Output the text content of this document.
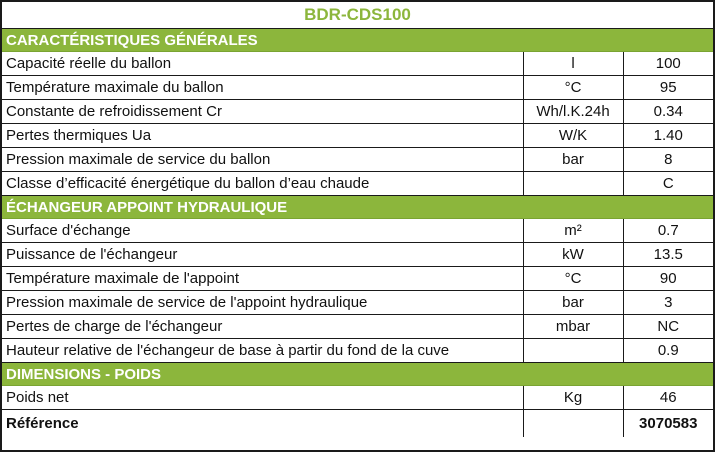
BDR-CDS100
CARACTÉRISTIQUES GÉNÉRALES		
Capacité réelle du ballon	l	100
Température maximale du ballon	°C	95
Constante de refroidissement Cr	Wh/l.K.24h	0.34
Pertes thermiques Ua	W/K	1.40
Pression maximale de service du ballon	bar	8
Classe d’efficacité énergétique du ballon d’eau chaude		C
ÉCHANGEUR APPOINT HYDRAULIQUE		
Surface d'échange	m²	0.7
Puissance de l'échangeur	kW	13.5
Température maximale de l'appoint	°C	90
Pression maximale de service de l'appoint hydraulique	bar	3
Pertes de charge de l'échangeur	mbar	NC
Hauteur relative de l'échangeur de base à partir du fond de la cuve		0.9
DIMENSIONS - POIDS		
Poids net	Kg	46
Référence		3070583
